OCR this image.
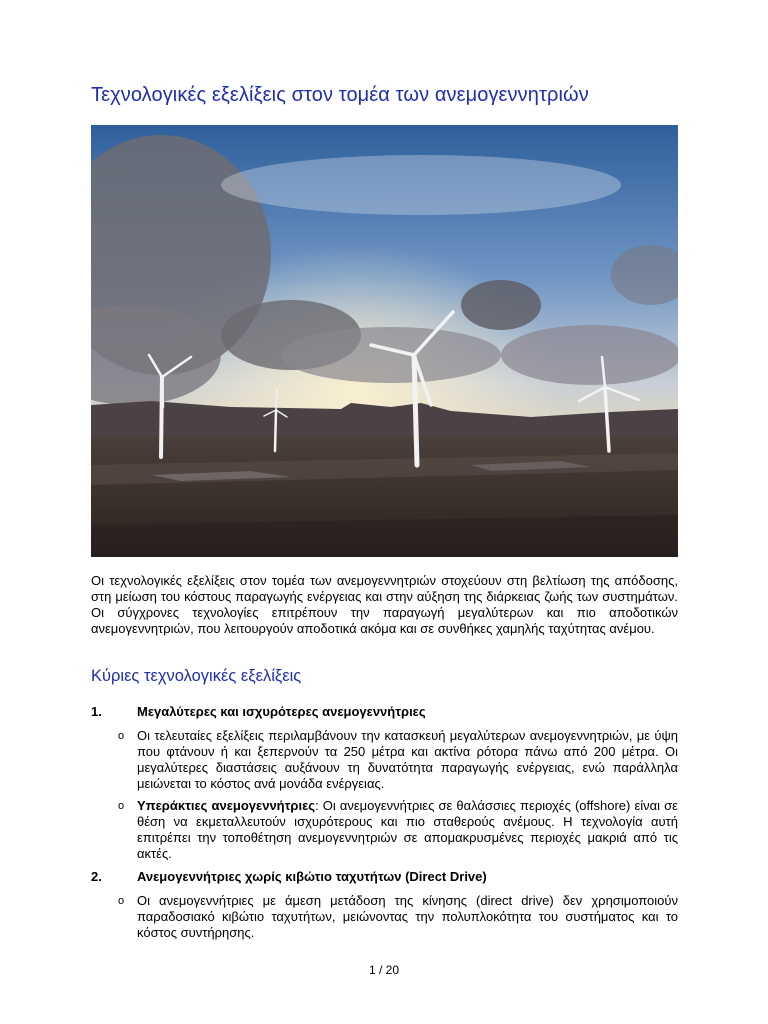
Τεχνολογικές εξελίξεις στον τομέα των ανεμογεννητριών

Οι τεχνολογικές εξελίξεις στον τομέα των ανεμογεννητριών στοχεύουν στη βελτίωση της απόδοσης, στη μείωση του κόστους παραγωγής ενέργειας και στην αύξηση της διάρκειας ζωής των συστημάτων. Οι σύγχρονες τεχνολογίες επιτρέπουν την παραγωγή μεγαλύτερων και πιο αποδοτικών ανεμογεννητριών, που λειτουργούν αποδοτικά ακόμα και σε συνθήκες χαμηλής ταχύτητας ανέμου.

Κύριες τεχνολογικές εξελίξεις
1.	Μεγαλύτερες και ισχυρότερες ανεμογεννήτριες
o Οι τελευταίες εξελίξεις περιλαμβάνουν την κατασκευή μεγαλύτερων ανεμογεννητριών, με ύψη που φτάνουν ή και ξεπερνούν τα 250 μέτρα και ακτίνα ρότορα πάνω από 200 μέτρα. Οι μεγαλύτερες διαστάσεις αυξάνουν τη δυνατότητα παραγωγής ενέργειας, ενώ παράλληλα μειώνεται το κόστος ανά μονάδα ενέργειας.
o Υπεράκτιες ανεμογεννήτριες: Οι ανεμογεννήτριες σε θαλάσσιες περιοχές (offshore) είναι σε θέση να εκμεταλλευτούν ισχυρότερους και πιο σταθερούς ανέμους. Η τεχνολογία αυτή επιτρέπει την τοποθέτηση ανεμογεννητριών σε απομακρυσμένες περιοχές μακριά από τις ακτές.
2.	Ανεμογεννήτριες χωρίς κιβώτιο ταχυτήτων (Direct Drive)
o Οι ανεμογεννήτριες με άμεση μετάδοση της κίνησης (direct drive) δεν χρησιμοποιούν παραδοσιακό κιβώτιο ταχυτήτων, μειώνοντας την πολυπλοκότητα του συστήματος και το κόστος συντήρησης.
1 / 20
